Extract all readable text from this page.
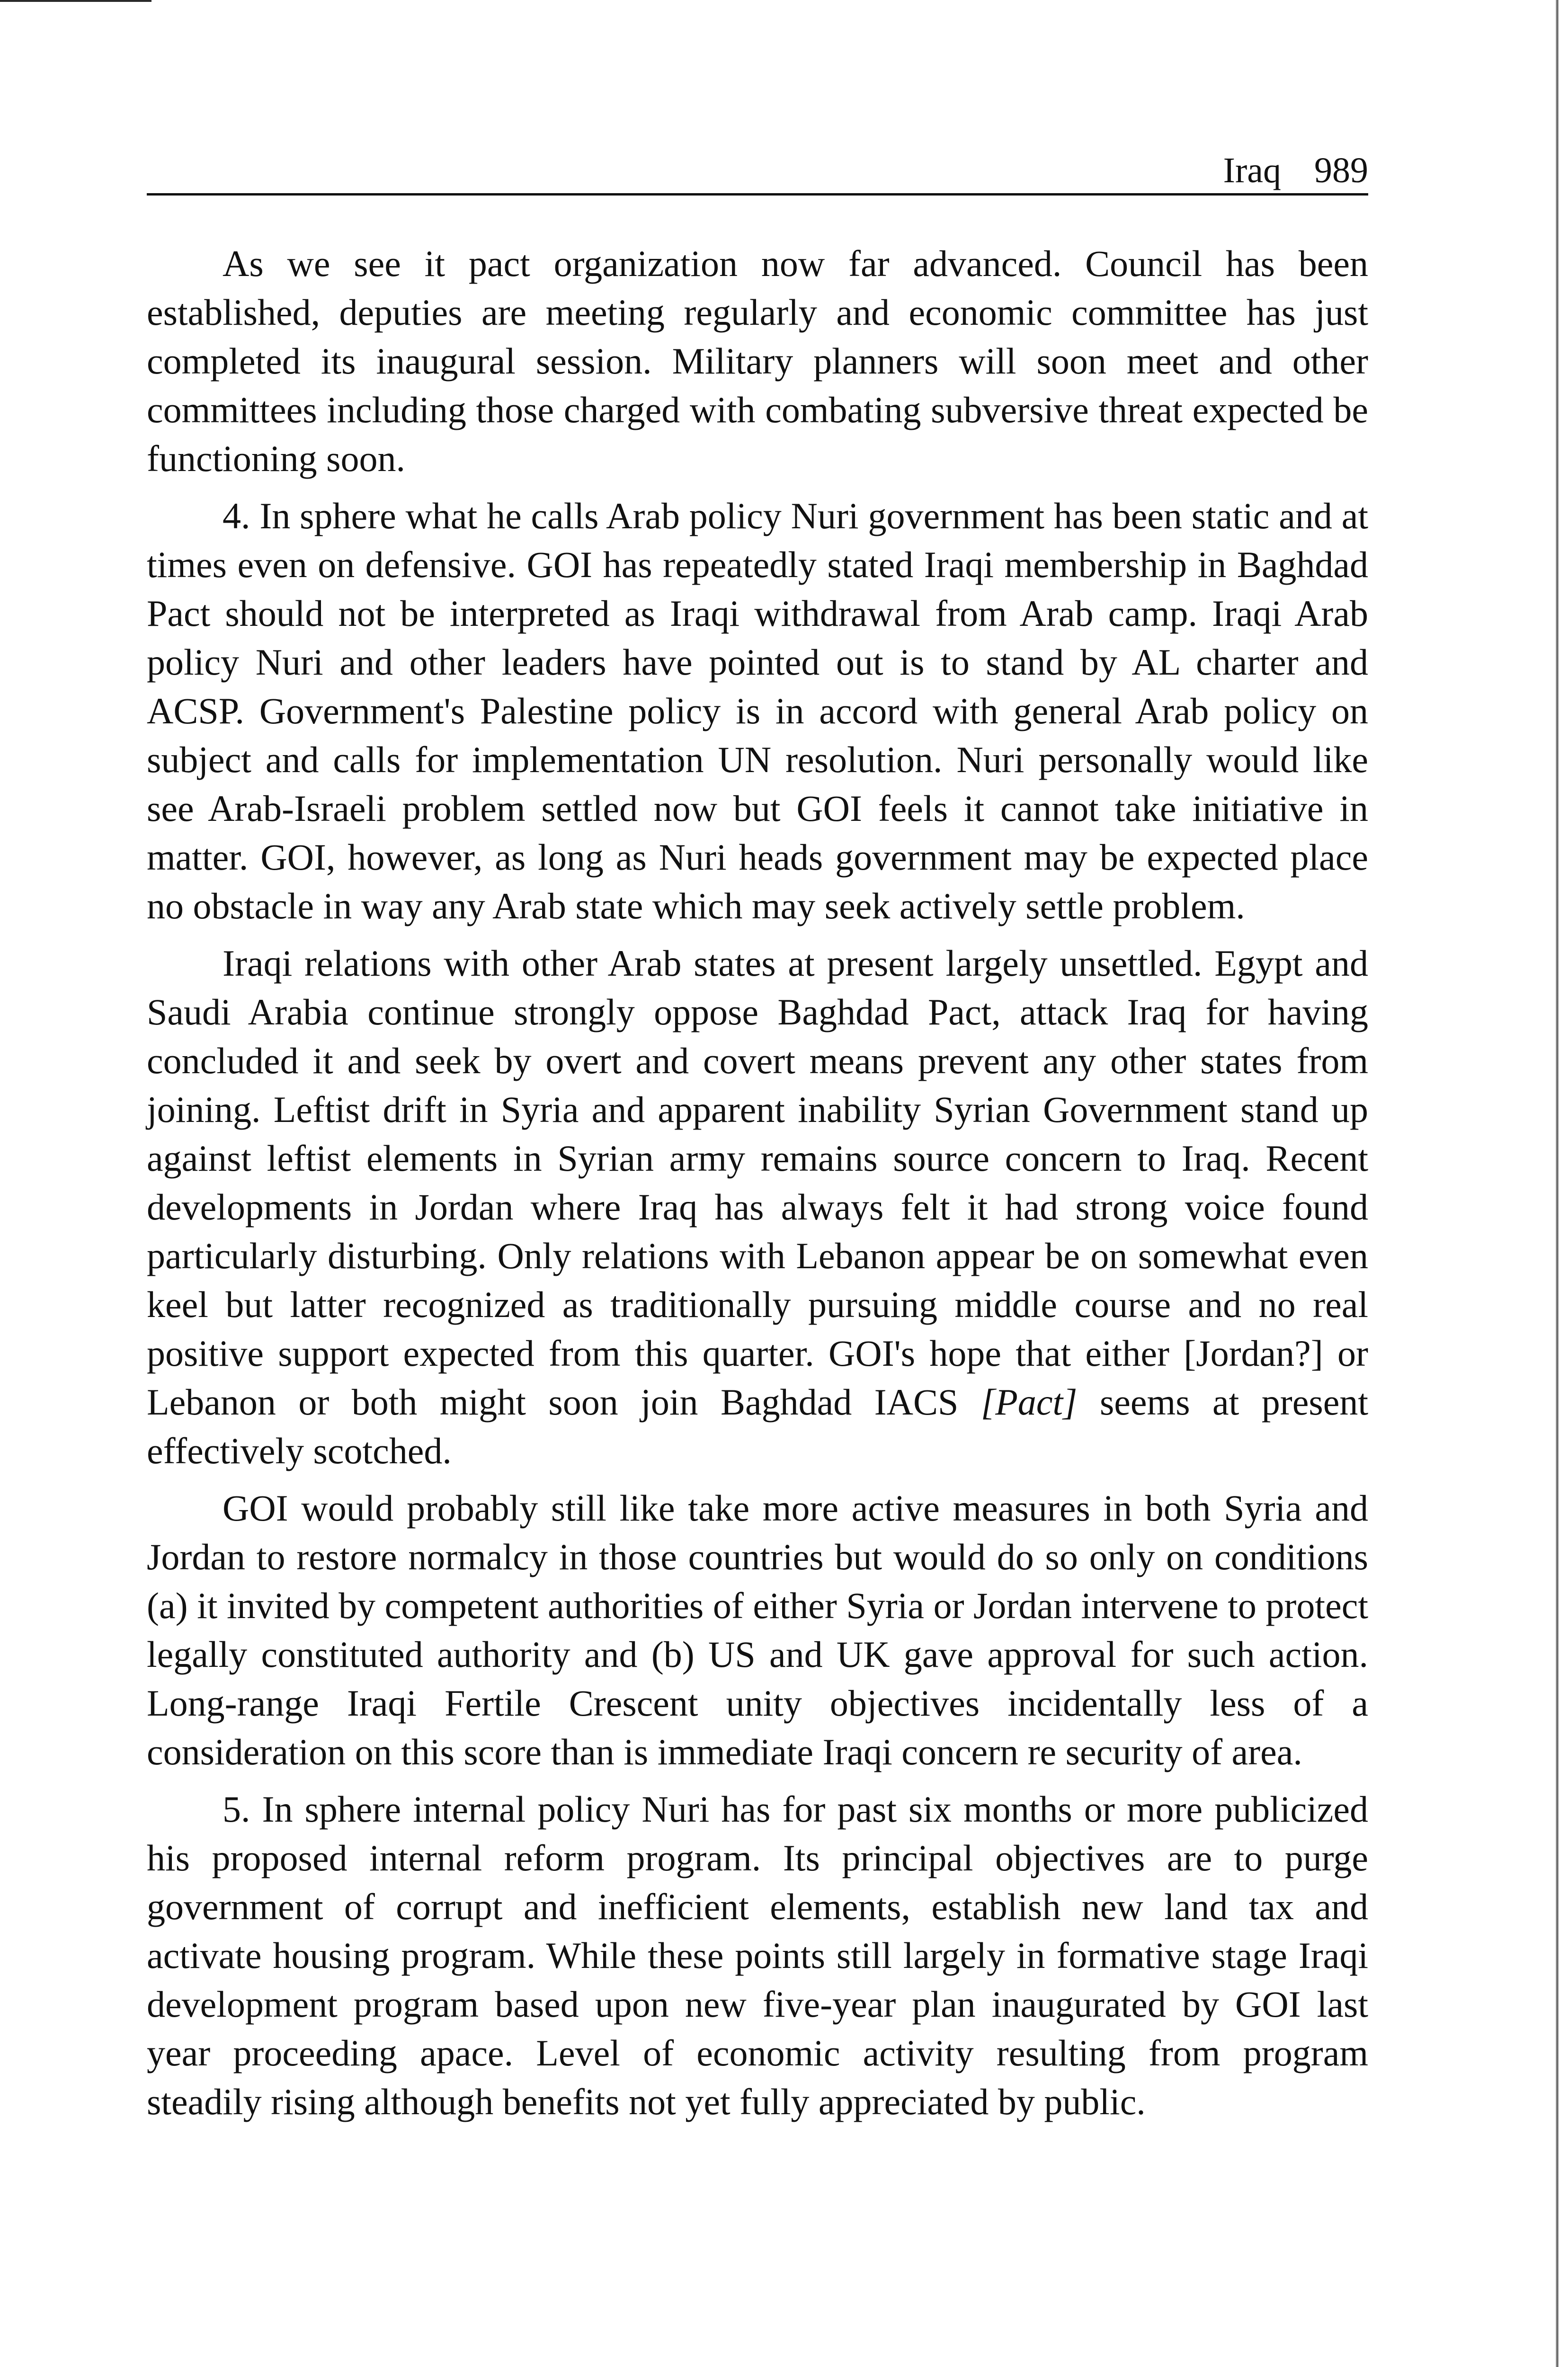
Iraq 989

As we see it pact organization now far advanced. Council has been established, deputies are meeting regularly and economic committee has just completed its inaugural session. Military planners will soon meet and other committees including those charged with combating subversive threat expected be functioning soon.

4. In sphere what he calls Arab policy Nuri government has been static and at times even on defensive. GOI has repeatedly stated Iraqi membership in Baghdad Pact should not be interpreted as Iraqi withdrawal from Arab camp. Iraqi Arab policy Nuri and other leaders have pointed out is to stand by AL charter and ACSP. Government's Palestine policy is in accord with general Arab policy on subject and calls for implementation UN resolution. Nuri personally would like see Arab-Israeli problem settled now but GOI feels it cannot take initiative in matter. GOI, however, as long as Nuri heads government may be expected place no obstacle in way any Arab state which may seek actively settle problem.

Iraqi relations with other Arab states at present largely unsettled. Egypt and Saudi Arabia continue strongly oppose Baghdad Pact, attack Iraq for having concluded it and seek by overt and covert means prevent any other states from joining. Leftist drift in Syria and apparent inability Syrian Government stand up against leftist elements in Syrian army remains source concern to Iraq. Recent developments in Jordan where Iraq has always felt it had strong voice found particularly disturbing. Only relations with Lebanon appear be on somewhat even keel but latter recognized as traditionally pursuing middle course and no real positive support expected from this quarter. GOI's hope that either [Jordan?] or Lebanon or both might soon join Baghdad IACS [Pact] seems at present effectively scotched.

GOI would probably still like take more active measures in both Syria and Jordan to restore normalcy in those countries but would do so only on conditions (a) it invited by competent authorities of either Syria or Jordan intervene to protect legally constituted authority and (b) US and UK gave approval for such action. Long-range Iraqi Fertile Crescent unity objectives incidentally less of a consideration on this score than is immediate Iraqi concern re security of area.

5. In sphere internal policy Nuri has for past six months or more publicized his proposed internal reform program. Its principal objectives are to purge government of corrupt and inefficient elements, establish new land tax and activate housing program. While these points still largely in formative stage Iraqi development program based upon new five-year plan inaugurated by GOI last year proceeding apace. Level of economic activity resulting from program steadily rising although benefits not yet fully appreciated by public.
